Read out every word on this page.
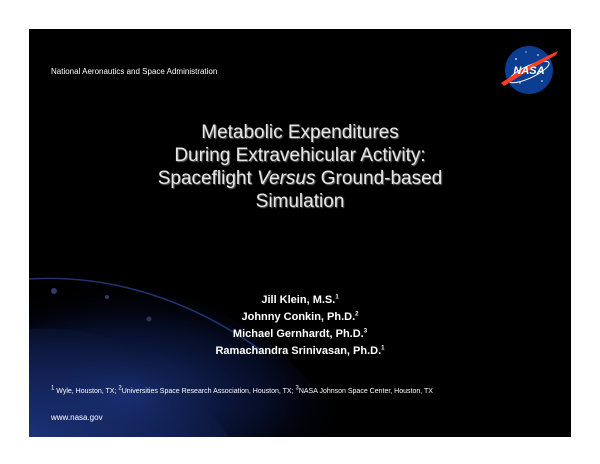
National Aeronautics and Space Administration	NASA
Metabolic Expenditures
During Extravehicular Activity:
Spaceflight Versus Ground-based
Simulation
Jill Klein, M.S.$^1$
Johnny Conkin, Ph.D.$^2$
Michael Gernhardt, Ph.D.$^3$
Ramachandra Srinivasan, Ph.D.$^1$
$^1$ Wyle, Houston, TX; $^2$Universities Space Research Association, Houston, TX; $^3$NASA Johnson Space Center, Houston, TX
www.nasa.gov
